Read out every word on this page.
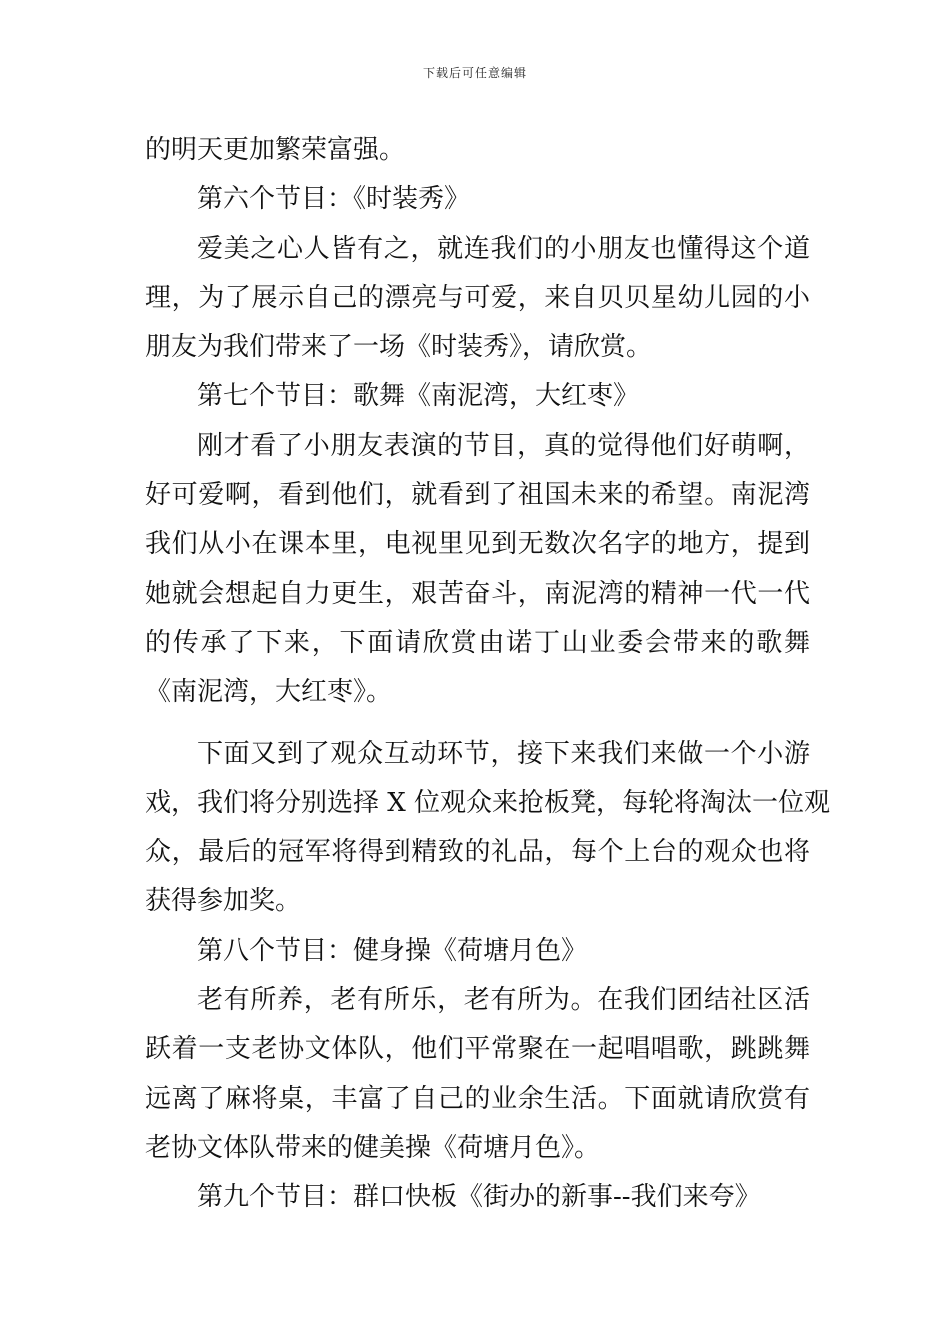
下载后可任意编辑
的明天更加繁荣富强。
第六个节目：《时装秀》
爱美之心人皆有之，就连我们的小朋友也懂得这个道
理，为了展示自己的漂亮与可爱，来自贝贝星幼儿园的小
朋友为我们带来了一场《时装秀》，请欣赏。
第七个节目：歌舞《南泥湾，大红枣》
刚才看了小朋友表演的节目，真的觉得他们好萌啊，
好可爱啊，看到他们，就看到了祖国未来的希望。南泥湾
我们从小在课本里，电视里见到无数次名字的地方，提到
她就会想起自力更生，艰苦奋斗，南泥湾的精神一代一代
的传承了下来，下面请欣赏由诺丁山业委会带来的歌舞
《南泥湾，大红枣》。
下面又到了观众互动环节，接下来我们来做一个小游
戏，我们将分别选择 X 位观众来抢板凳，每轮将淘汰一位观
众，最后的冠军将得到精致的礼品，每个上台的观众也将
获得参加奖。
第八个节目：健身操《荷塘月色》
老有所养，老有所乐，老有所为。在我们团结社区活
跃着一支老协文体队，他们平常聚在一起唱唱歌，跳跳舞
远离了麻将桌，丰富了自己的业余生活。下面就请欣赏有
老协文体队带来的健美操《荷塘月色》。
第九个节目：群口快板《街办的新事--我们来夸》
